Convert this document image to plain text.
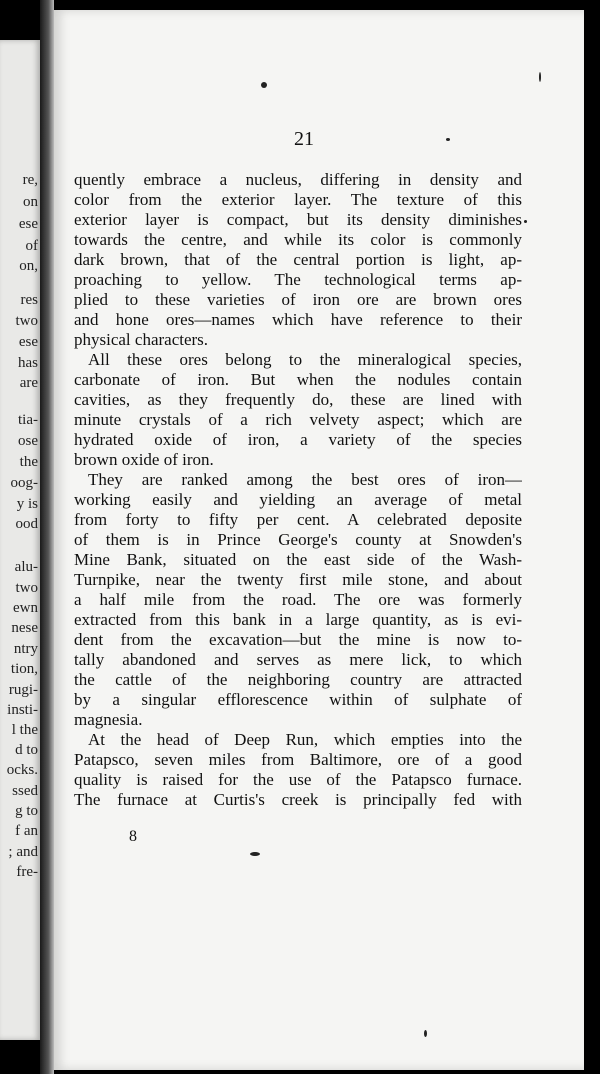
re,
on
ese
of
on,
res
two
ese
has
are
tia-
ose
the
oog-
y is
ood
alu-
two
ewn
nese
ntry
tion,
rugi-
insti-
l the
d to
ocks.
ssed
g to
f an
; and
fre-
21
quently embrace a nucleus, differing in density and
color from the exterior layer. The texture of this
exterior layer is compact, but its density diminishes
towards the centre, and while its color is commonly
dark brown, that of the central portion is light, ap-
proaching to yellow. The technological terms ap-
plied to these varieties of iron ore are brown ores
and hone ores—names which have reference to their
physical characters.
All these ores belong to the mineralogical species,
carbonate of iron. But when the nodules contain
cavities, as they frequently do, these are lined with
minute crystals of a rich velvety aspect; which are
hydrated oxide of iron, a variety of the species
brown oxide of iron.
They are ranked among the best ores of iron—
working easily and yielding an average of metal
from forty to fifty per cent. A celebrated deposite
of them is in Prince George's county at Snowden's
Mine Bank, situated on the east side of the Wash-
Turnpike, near the twenty first mile stone, and about
a half mile from the road. The ore was formerly
extracted from this bank in a large quantity, as is evi-
dent from the excavation—but the mine is now to-
tally abandoned and serves as mere lick, to which
the cattle of the neighboring country are attracted
by a singular efflorescence within of sulphate of
magnesia.
At the head of Deep Run, which empties into the
Patapsco, seven miles from Baltimore, ore of a good
quality is raised for the use of the Patapsco furnace.
The furnace at Curtis's creek is principally fed with
8
